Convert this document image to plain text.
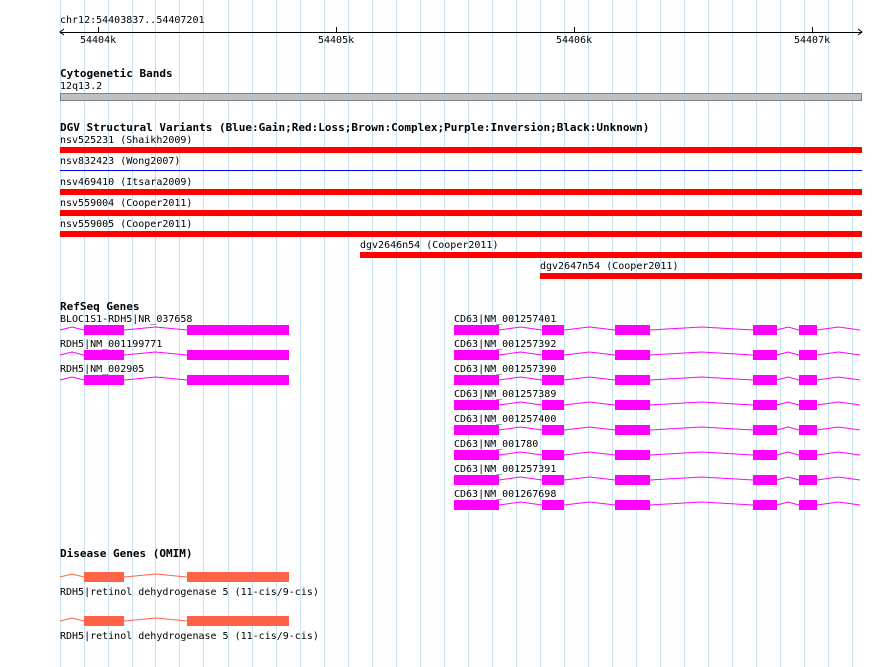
chr12:54403837..54407201
54404k	54405k	54406k	54407k
Cytogenetic Bands
12q13.2
DGV Structural Variants (Blue:Gain;Red:Loss;Brown:Complex;Purple:Inversion;Black:Unknown)
nsv525231 (Shaikh2009)
nsv832423 (Wong2007)
nsv469410 (Itsara2009)
nsv559004 (Cooper2011)
nsv559005 (Cooper2011)
dgv2646n54 (Cooper2011)
dgv2647n54 (Cooper2011)
RefSeq Genes
BLOC1S1-RDH5|NR_037658
RDH5|NM_001199771
RDH5|NM_002905
CD63|NM_001257401
CD63|NM_001257392
CD63|NM_001257390
CD63|NM_001257389
CD63|NM_001257400
CD63|NM_001780
CD63|NM_001257391
CD63|NM_001267698
Disease Genes (OMIM)
RDH5|retinol dehydrogenase 5 (11-cis/9-cis)
RDH5|retinol dehydrogenase 5 (11-cis/9-cis)
